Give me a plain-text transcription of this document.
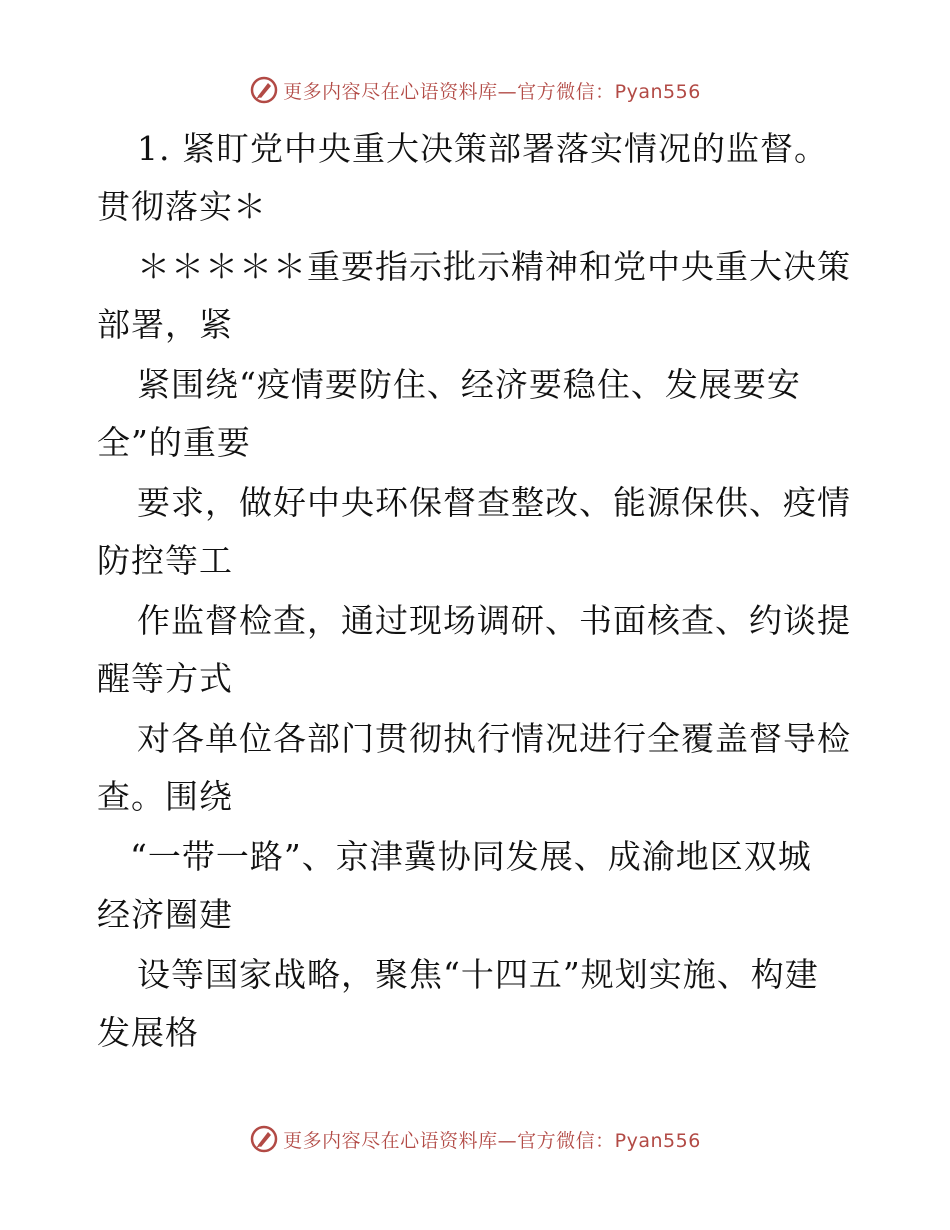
更多内容尽在心语资料库—官方微信：Pyan556
1. 紧盯党中央重大决策部署落实情况的监督。
贯彻落实＊
＊＊＊＊＊重要指示批示精神和党中央重大决策
部署，紧
紧围绕“疫情要防住、经济要稳住、发展要安
全”的重要
要求，做好中央环保督查整改、能源保供、疫情
防控等工
作监督检查，通过现场调研、书面核查、约谈提
醒等方式
对各单位各部门贯彻执行情况进行全覆盖督导检
查。围绕
“一带一路”、京津冀协同发展、成渝地区双城
经济圈建
设等国家战略，聚焦“十四五”规划实施、构建
发展格
更多内容尽在心语资料库—官方微信：Pyan556
